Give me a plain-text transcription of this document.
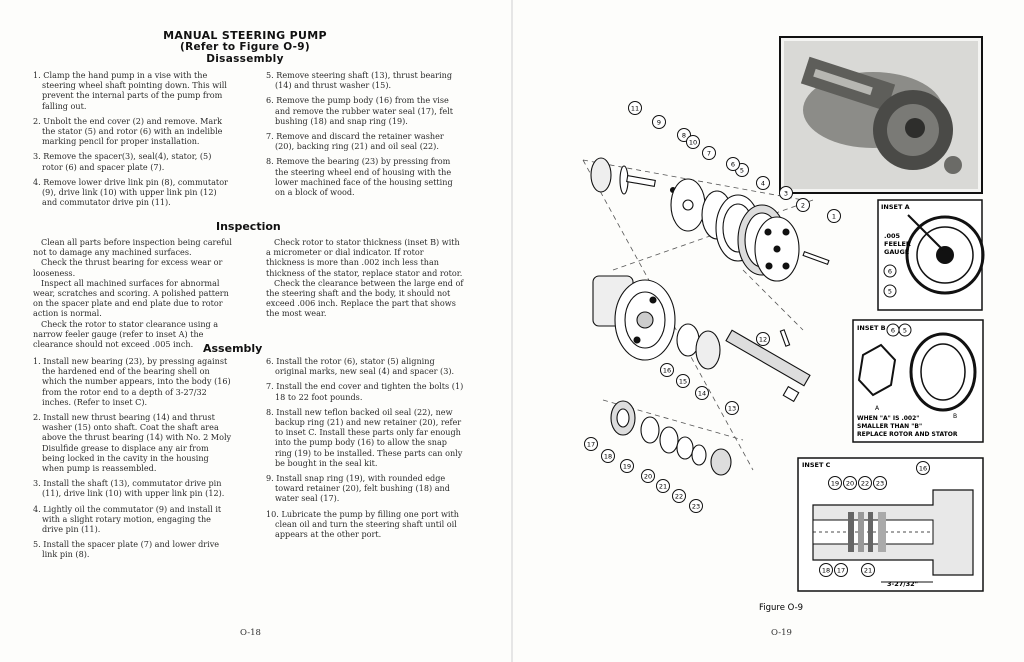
MANUAL STEERING PUMP
(Refer to Figure O-9)
Disassembly

1. Clamp the hand pump in a vise with the steering wheel shaft pointing down. This will prevent the internal parts of the pump from falling out.

2. Unbolt the end cover (2) and remove. Mark the stator (5) and rotor (6) with an indelible marking pencil for proper installation.

3. Remove the spacer(3), seal(4), stator, (5) rotor (6) and spacer plate (7).

4. Remove lower drive link pin (8), commutator (9), drive link (10) with upper link pin (12) and commutator drive pin (11).

5. Remove steering shaft (13), thrust bearing (14) and thrust washer (15).

6. Remove the pump body (16) from the vise and remove the rubber water seal (17), felt bushing (18) and snap ring (19).

7. Remove and discard the retainer washer (20), backing ring (21) and oil seal (22).

8. Remove the bearing (23) by pressing from the steering wheel end of housing with the lower machined face of the housing setting on a block of wood.

Inspection

Clean all parts before inspection being careful not to damage any machined surfaces.

Check the thrust bearing for excess wear or looseness.

Inspect all machined surfaces for abnormal wear, scratches and scoring. A polished pattern on the spacer plate and end plate due to rotor action is normal.

Check the rotor to stator clearance using a narrow feeler gauge (refer to inset A) the clearance should not exceed .005 inch.

Check rotor to stator thickness (inset B) with a micrometer or dial indicator. If rotor thickness is more than .002 inch less than thickness of the stator, replace stator and rotor.

Check the clearance between the large end of the steering shaft and the body, it should not exceed .006 inch. Replace the part that shows the most wear.

Assembly

1. Install new bearing (23), by pressing against the hardened end of the bearing shell on which the number appears, into the body (16) from the rotor end to a depth of 3-27/32 inches. (Refer to inset C).

2. Install new thrust bearing (14) and thrust washer (15) onto shaft. Coat the shaft area above the thrust bearing (14) with No. 2 Moly Disulfide grease to displace any air from being locked in the cavity in the housing when pump is reassembled.

3. Install the shaft (13), commutator drive pin (11), drive link (10) with upper link pin (12).

4. Lightly oil the commutator (9) and install it with a slight rotary motion, engaging the drive pin (11).

5. Install the spacer plate (7) and lower drive link pin (8).

6. Install the rotor (6), stator (5) aligning original marks, new seal (4) and spacer (3).

7. Install the end cover and tighten the bolts (1) 18 to 22 foot pounds.

8. Install new teflon backed oil seal (22), new backup ring (21) and new retainer (20), refer to inset C. Install these parts only far enough into the pump body (16) to allow the snap ring (19) to be installed. These parts can only be bought in the seal kit.

9. Install snap ring (19), with rounded edge toward retainer (20), felt bushing (18) and water seal (17).

10. Lubricate the pump by filling one port with clean oil and turn the steering shaft until oil appears at the other port.

O-18
1
2
3
4
5
6
7
8
9
10
11
12
13
14
15
16
17
18
19
20
21
22
23
INSET A
.005
FEELER
GAUGE
6
5
INSET B 6 5
A
B
WHEN "A" IS .002"
SMALLER THAN "B"
REPLACE ROTOR AND STATOR
INSET C
3-27/32"
16
19 20 22 23
18 17	21
Figure O-9
O-19
